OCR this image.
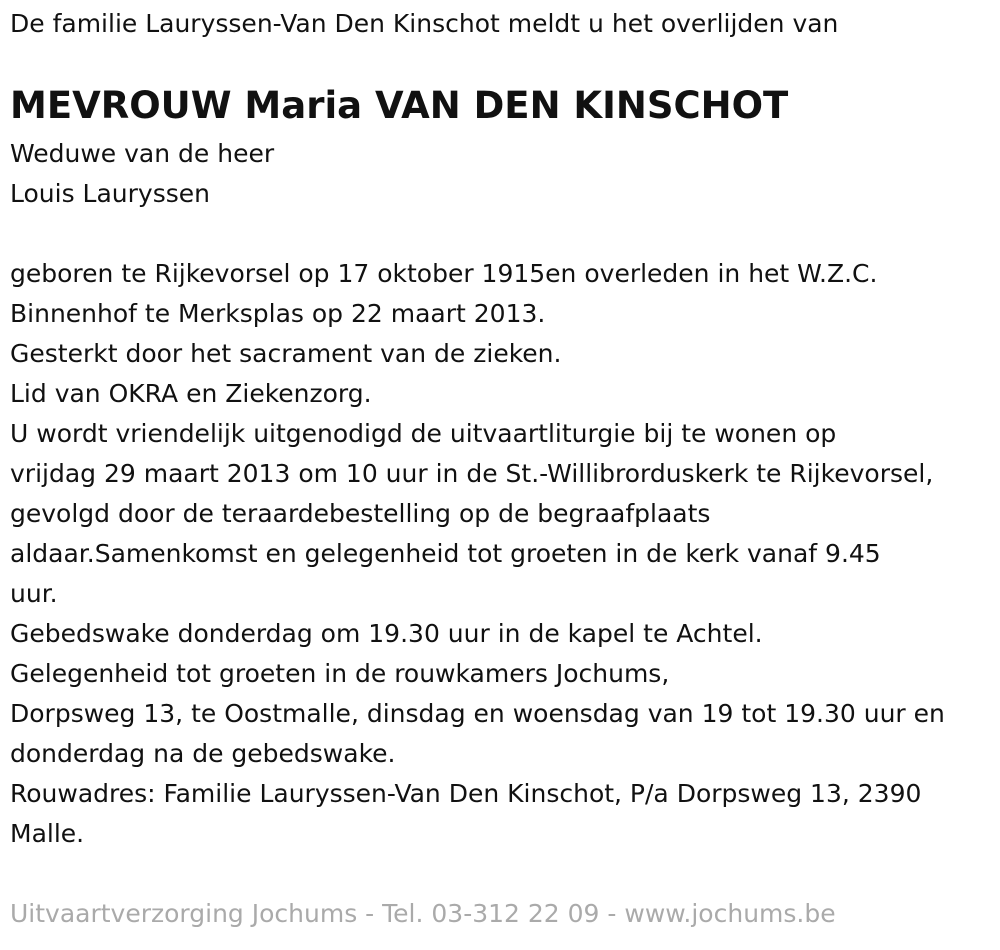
De familie Lauryssen-Van Den Kinschot meldt u het overlijden van
MEVROUW Maria VAN DEN KINSCHOT
Weduwe van de heer
Louis Lauryssen
geboren te Rijkevorsel op 17 oktober 1915en overleden in het W.Z.C.
Binnenhof te Merksplas op 22 maart 2013.
Gesterkt door het sacrament van de zieken.
Lid van OKRA en Ziekenzorg.
U wordt vriendelijk uitgenodigd de uitvaartliturgie bij te wonen op
vrijdag 29 maart 2013 om 10 uur in de St.-Willibrorduskerk te Rijkevorsel,
gevolgd door de teraardebestelling op de begraafplaats
aldaar.Samenkomst en gelegenheid tot groeten in de kerk vanaf 9.45
uur.
Gebedswake donderdag om 19.30 uur in de kapel te Achtel.
Gelegenheid tot groeten in de rouwkamers Jochums,
Dorpsweg 13, te Oostmalle, dinsdag en woensdag van 19 tot 19.30 uur en
donderdag na de gebedswake.
Rouwadres: Familie Lauryssen-Van Den Kinschot, P/a Dorpsweg 13, 2390
Malle.
Uitvaartverzorging Jochums - Tel. 03-312 22 09 - www.jochums.be
